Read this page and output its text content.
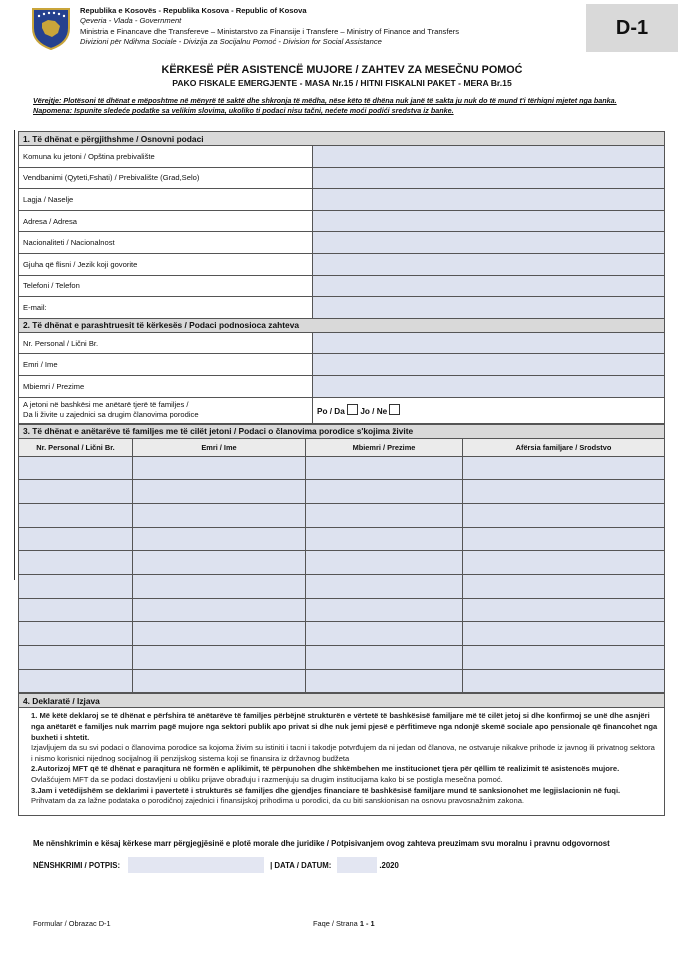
Republika e Kosovës - Republika Kosova - Republic of Kosova
Qeveria - Vlada - Government
Ministria e Financave dhe Transfereve – Ministarstvo za Finansije i Transfere – Ministry of Finance and Transfers
Divizioni për Ndihma Sociale - Divizija za Socijalnu Pomoć - Division for Social Assistance
D-1
KËRKESË PËR ASISTENCË MUJORE / ZAHTEV ZA MESEČNU POMOĆ
PAKO FISKALE EMERGJENTE - MASA Nr.15 / HITNI FISKALNI PAKET - MERA Br.15
Vërejtje: Plotësoni të dhënat e mëposhtme në mënyrë të saktë dhe shkronja të mëdha, nëse këto të dhëna nuk janë të sakta ju nuk do të mund t'i tërhiqni mjetet nga banka.
Napomena: Ispunite sledeće podatke sa velikim slovima, ukoliko ti podaci nisu tačni, nećete moći podići sredstva iz banke.
1. Të dhënat e përgjithshme / Osnovni podaci	
Komuna ku jetoni / Opština prebivalište	
Vendbanimi (Qyteti,Fshati) / Prebivalište (Grad,Selo)	
Lagja / Naselje	
Adresa / Adresa	
Nacionaliteti / Nacionalnost	
Gjuha që flisni / Jezik koji govorite	
Telefoni / Telefon	
E-mail:	
2. Të dhënat e parashtruesit të kërkesës / Podaci podnosioca zahteva	
Nr. Personal / Lični Br.	
Emri / Ime	
Mbiemri / Prezime	

A jetoni në bashkësi me anëtarë tjerë të familjes /
Da li živite u zajednici sa drugim članovima porodice	Po / Da Jo / Ne
3. Të dhënat e anëtarëve të familjes me të cilët jetoni / Podaci o članovima porodice s'kojima živite			
Nr. Personal / Lični Br.	Emri / Ime	Mbiemri / Prezime	Afërsia familjare / Srodstvo

4. Deklaratë / Izjava

1. Më këtë deklaroj se të dhënat e përfshira të anëtarëve të familjes përbëjnë strukturën e vërtetë të bashkësisë familjare më të cilët jetoj si dhe konfirmoj se unë dhe asnjëri nga anëtarët e familjes nuk marrim pagë mujore nga sektori publik apo privat si dhe nuk jemi pjesë e përfitimeve nga ndonjë skemë sociale apo pensionale që financohet nga buxheti i shtetit.
Izjavljujem da su svi podaci o članovima porodice sa kojoma živim su istiniti i tacni i takodje potvrđujem da ni jedan od članova, ne ostvaruje nikakve prihode iz javnog ili privatnog sektora i nismo korisnici nijednog socijalnog ili penzijskog sistema koji se finansira iz državnog budžeta
2.Autorizoj MFT që të dhënat e paraqitura në formën e aplikimit, të përpunohen dhe shkëmbehen me institucionet tjera për qëllim të realizimit të asistencës mujore.
Ovlašćujem MFT da se podaci dostavljeni u obliku prijave obrađuju i razmenjuju sa drugim institucijama kako bi se postigla mesečna pomoć.
3.Jam i vetëdijshëm se deklarimi i pavertetë i strukturës së familjes dhe gjendjes financiare të bashkësisë familjare mund të sanksionohet me legjislacionin në fuqi.
Prihvatam da za lažne podataka o porodičnoj zajednici i finansijskoj prihodima u porodici, da cu biti sanskionisan na osnovu pravosnažnim zakona.
Me nënshkrimin e kësaj kërkese marr përgjegjësinë e plotë morale dhe juridike / Potpisivanjem ovog zahteva preuzimam svu moralnu i pravnu odgovornost
NËNSHKRIMI / POTPIS:	| DATA / DATUM:	.2020
Formular / Obrazac D-1	Faqe / Strana 1 - 1
